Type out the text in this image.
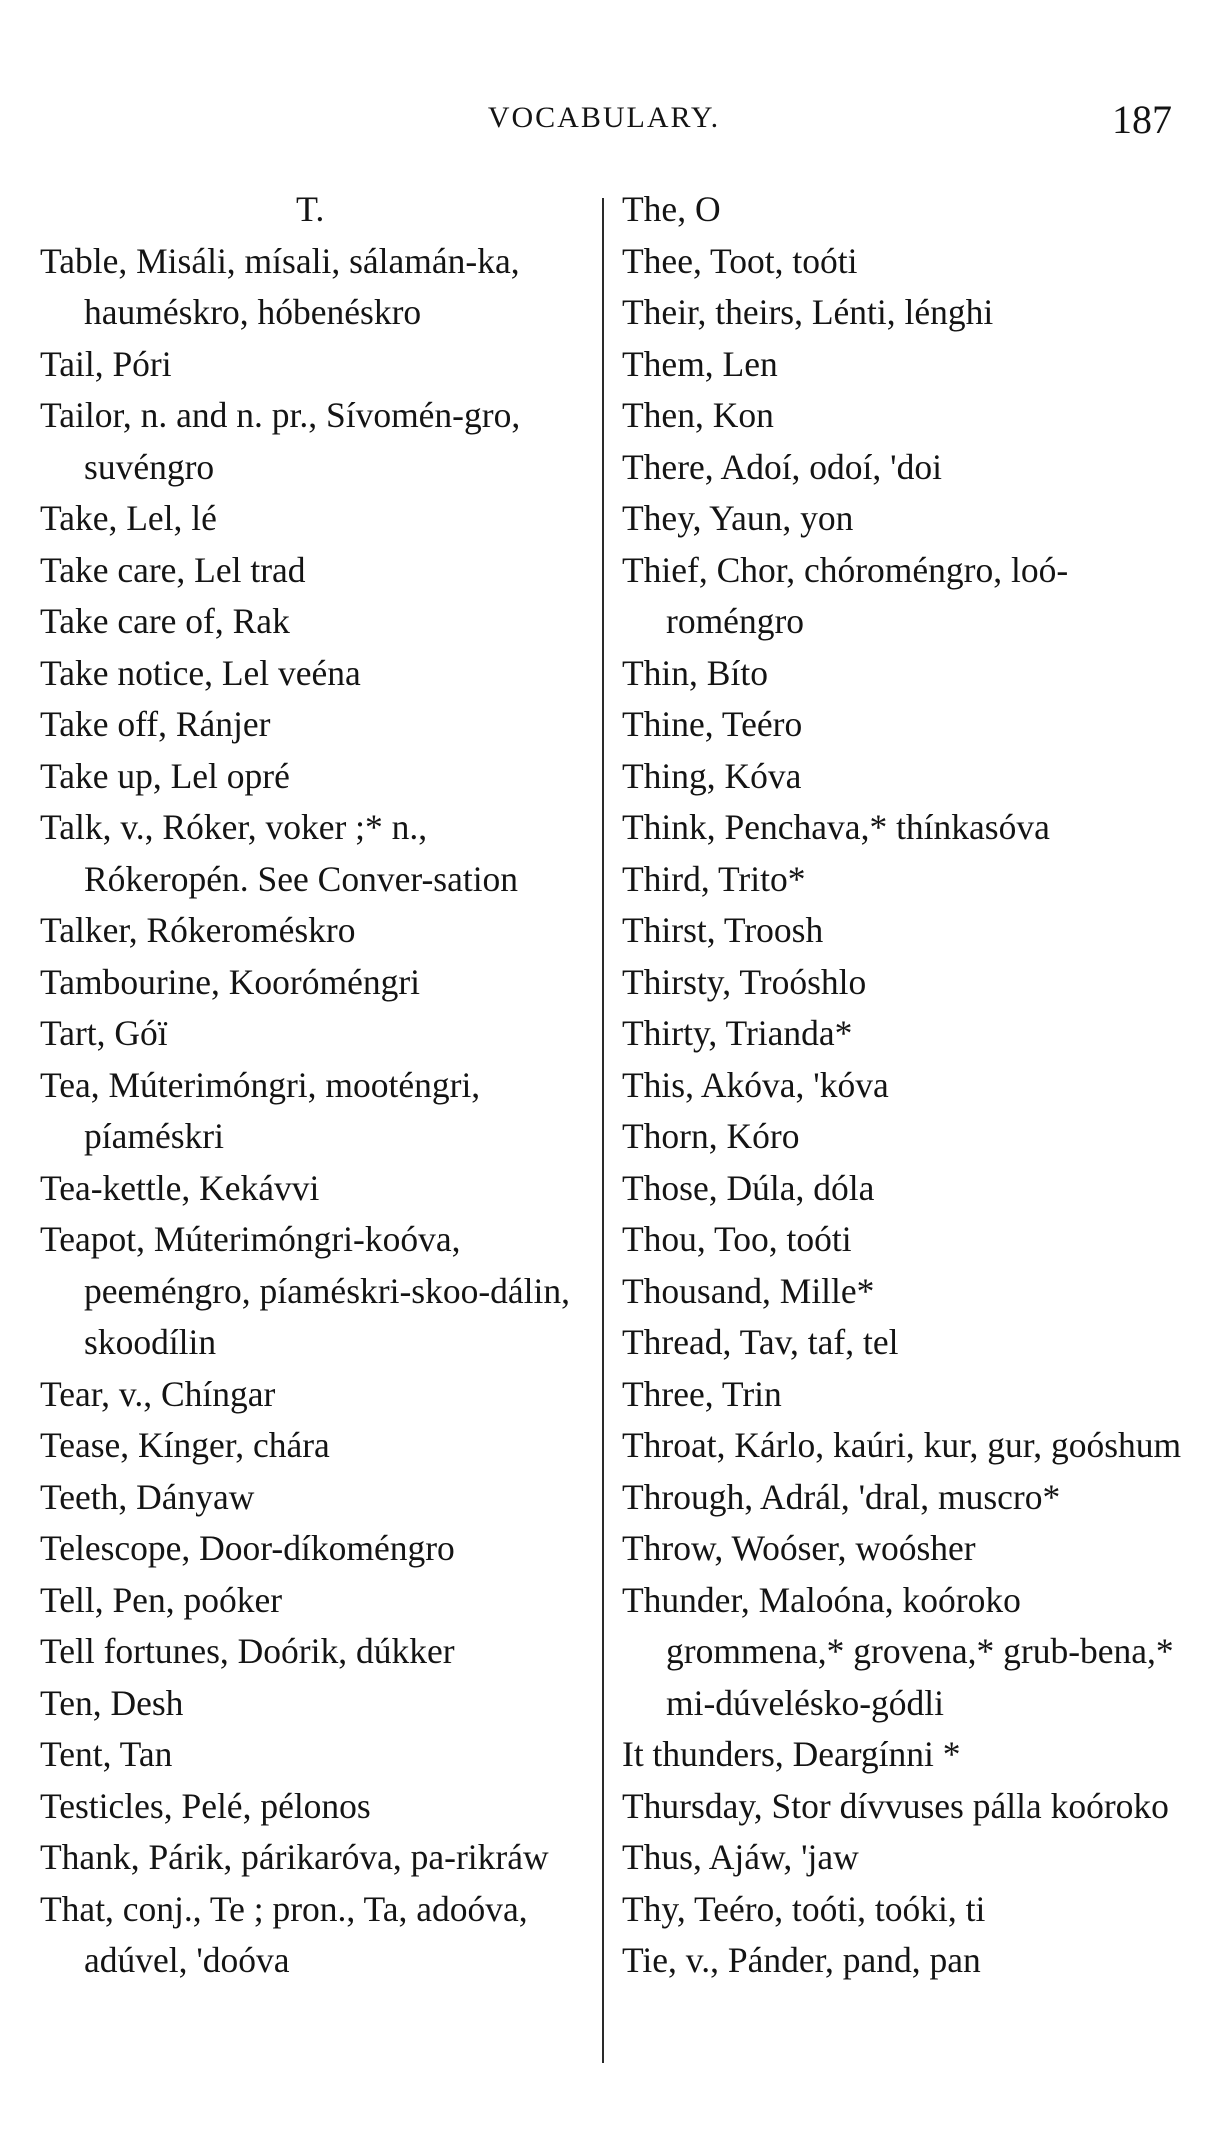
VOCABULARY.	187

T.

Table, Misáli, mísali, sálamán-ka, hauméskro, hóbenéskro

Tail, Póri

Tailor, n. and n. pr., Sívomén-gro, suvéngro

Take, Lel, lé

Take care, Lel trad

Take care of, Rak

Take notice, Lel veéna

Take off, Ránjer

Take up, Lel opré

Talk, v., Róker, voker ;* n., Rókeropén. See Conver-sation

Talker, Rókeroméskro

Tambourine, Kooróméngri

Tart, Góï

Tea, Múterimóngri, mooténgri, píaméskri

Tea-kettle, Kekávvi

Teapot, Múterimóngri-koóva, peeméngro, píaméskri-skoo-dálin, skoodílin

Tear, v., Chíngar

Tease, Kínger, chára

Teeth, Dányaw

Telescope, Door-díkoméngro

Tell, Pen, poóker

Tell fortunes, Doórik, dúkker

Ten, Desh

Tent, Tan

Testicles, Pelé, pélonos

Thank, Párik, párikaróva, pa-rikráw

That, conj., Te ; pron., Ta, adoóva, adúvel, 'doóva

The, O

Thee, Toot, toóti

Their, theirs, Lénti, lénghi

Them, Len

Then, Kon

There, Adoí, odoí, 'doi

They, Yaun, yon

Thief, Chor, chóroméngro, loó-roméngro

Thin, Bíto

Thine, Teéro

Thing, Kóva

Think, Penchava,* thínkasóva

Third, Trito*

Thirst, Troosh

Thirsty, Troóshlo

Thirty, Trianda*

This, Akóva, 'kóva

Thorn, Kóro

Those, Dúla, dóla

Thou, Too, toóti

Thousand, Mille*

Thread, Tav, taf, tel

Three, Trin

Throat, Kárlo, kaúri, kur, gur, goóshum

Through, Adrál, 'dral, muscro*

Throw, Woóser, woósher

Thunder, Maloóna, koóroko grommena,* grovena,* grub-bena,* mi-dúvelésko-gódli

It thunders, Deargínni *

Thursday, Stor dívvuses pálla koóroko

Thus, Ajáw, 'jaw

Thy, Teéro, toóti, toóki, ti

Tie, v., Pánder, pand, pan
